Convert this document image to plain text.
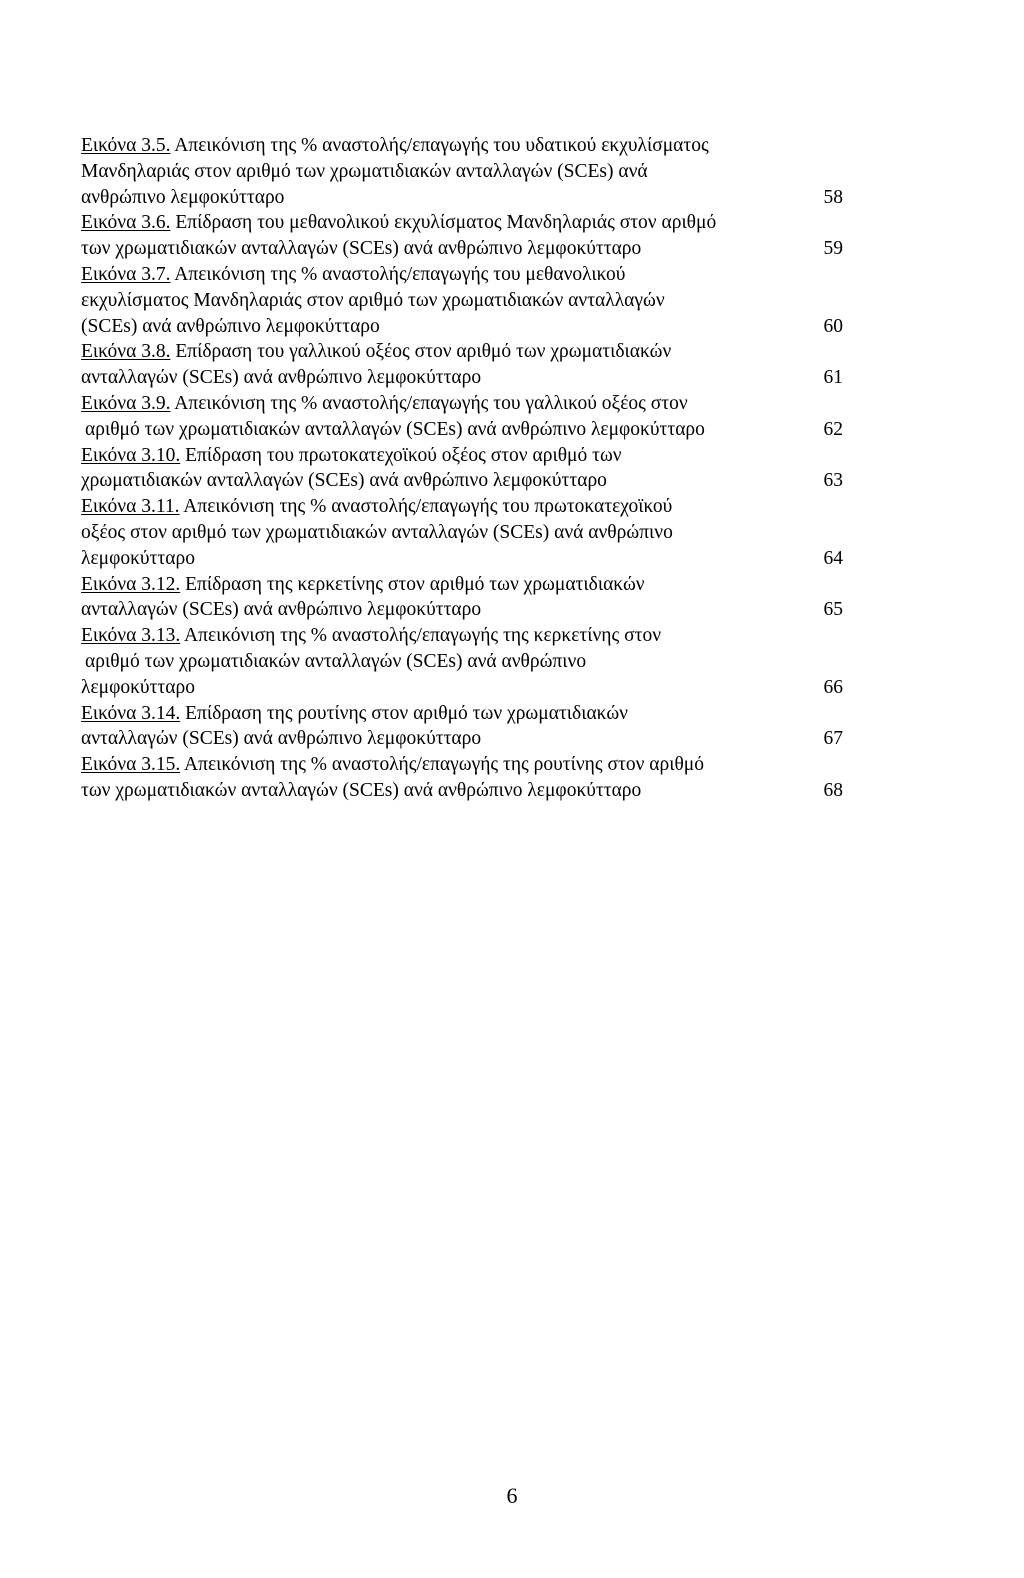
Εικόνα 3.5. Απεικόνιση της % αναστολής/επαγωγής του υδατικού εκχυλίσματος
Μανδηλαριάς στον αριθμό των χρωματιδιακών ανταλλαγών (SCEs) ανά
ανθρώπινο λεμφοκύτταρο	58
Εικόνα 3.6. Επίδραση του μεθανολικού εκχυλίσματος Μανδηλαριάς στον αριθμό
των χρωματιδιακών ανταλλαγών (SCEs) ανά ανθρώπινο λεμφοκύτταρο	59
Εικόνα 3.7. Απεικόνιση της % αναστολής/επαγωγής του μεθανολικού
εκχυλίσματος Μανδηλαριάς στον αριθμό των χρωματιδιακών ανταλλαγών
(SCEs) ανά ανθρώπινο λεμφοκύτταρο	60
Εικόνα 3.8. Επίδραση του γαλλικού οξέος στον αριθμό των χρωματιδιακών
ανταλλαγών (SCEs) ανά ανθρώπινο λεμφοκύτταρο	61
Εικόνα 3.9. Απεικόνιση της % αναστολής/επαγωγής του γαλλικού οξέος στον
αριθμό των χρωματιδιακών ανταλλαγών (SCEs) ανά ανθρώπινο λεμφοκύτταρο	62
Εικόνα 3.10. Επίδραση του πρωτοκατεχοϊκού οξέος στον αριθμό των
χρωματιδιακών ανταλλαγών (SCEs) ανά ανθρώπινο λεμφοκύτταρο	63
Εικόνα 3.11. Απεικόνιση της % αναστολής/επαγωγής του πρωτοκατεχοϊκού
οξέος στον αριθμό των χρωματιδιακών ανταλλαγών (SCEs) ανά ανθρώπινο
λεμφοκύτταρο	64
Εικόνα 3.12. Επίδραση της κερκετίνης στον αριθμό των χρωματιδιακών
ανταλλαγών (SCEs) ανά ανθρώπινο λεμφοκύτταρο	65
Εικόνα 3.13. Απεικόνιση της % αναστολής/επαγωγής της κερκετίνης στον
αριθμό των χρωματιδιακών ανταλλαγών (SCEs) ανά ανθρώπινο
λεμφοκύτταρο	66
Εικόνα 3.14. Επίδραση της ρουτίνης στον αριθμό των χρωματιδιακών
ανταλλαγών (SCEs) ανά ανθρώπινο λεμφοκύτταρο	67
Εικόνα 3.15. Απεικόνιση της % αναστολής/επαγωγής της ρουτίνης στον αριθμό
των χρωματιδιακών ανταλλαγών (SCEs) ανά ανθρώπινο λεμφοκύτταρο	68
6
